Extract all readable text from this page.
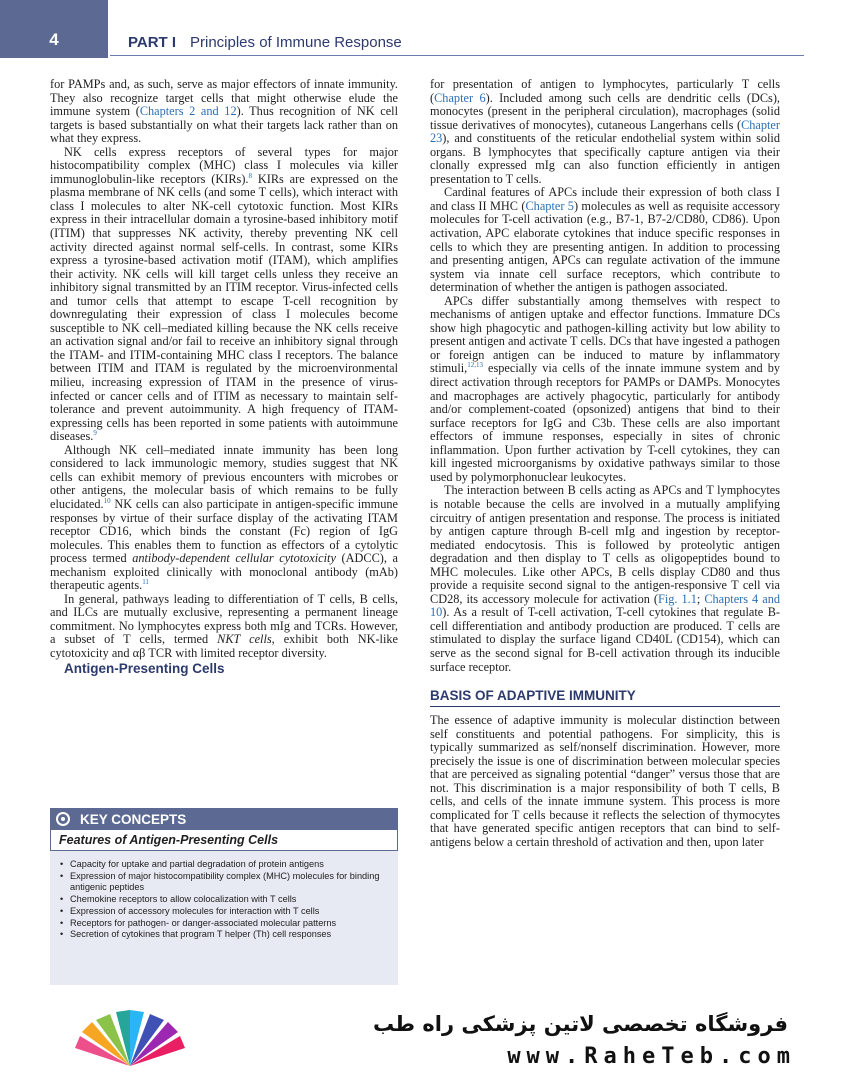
4	PART I Principles of Immune Response

for PAMPs and, as such, serve as major effectors of innate immunity. They also recognize target cells that might otherwise elude the immune system (Chapters 2 and 12). Thus recognition of NK cell targets is based substantially on what their targets lack rather than on what they express.

NK cells express receptors of several types for major histocompatibility complex (MHC) class I molecules via killer immunoglobulin-like receptors (KIRs).$^8$ KIRs are expressed on the plasma membrane of NK cells (and some T cells), which interact with class I molecules to alter NK-cell cytotoxic function. Most KIRs express in their intracellular domain a tyrosine-based inhibitory motif (ITIM) that suppresses NK activity, thereby preventing NK cell activity directed against normal self-cells. In contrast, some KIRs express a tyrosine-based activation motif (ITAM), which amplifies their activity. NK cells will kill target cells unless they receive an inhibitory signal transmitted by an ITIM receptor. Virus-infected cells and tumor cells that attempt to escape T-cell recognition by downregulating their expression of class I molecules become susceptible to NK cell–mediated killing because the NK cells receive an activation signal and/or fail to receive an inhibitory signal through the ITAM- and ITIM-containing MHC class I receptors. The balance between ITIM and ITAM is regulated by the microenvironmental milieu, increasing expression of ITAM in the presence of virus-infected or cancer cells and of ITIM as necessary to maintain self-tolerance and prevent autoimmunity. A high frequency of ITAM-expressing cells has been reported in some patients with autoimmune diseases.$^9$

Although NK cell–mediated innate immunity has been long considered to lack immunologic memory, studies suggest that NK cells can exhibit memory of previous encounters with microbes or other antigens, the molecular basis of which remains to be fully elucidated.$^{10}$ NK cells can also participate in antigen-specific immune responses by virtue of their surface display of the activating ITAM receptor CD16, which binds the constant (Fc) region of IgG molecules. This enables them to function as effectors of a cytolytic process termed antibody-dependent cellular cytotoxicity (ADCC), a mechanism exploited clinically with monoclonal antibody (mAb) therapeutic agents.$^{11}$

In general, pathways leading to differentiation of T cells, B cells, and ILCs are mutually exclusive, representing a permanent lineage commitment. No lymphocytes express both mIg and TCRs. However, a subset of T cells, termed NKT cells, exhibit both NK-like cytotoxicity and αβ TCR with limited receptor diversity.

Antigen-Presenting Cells

KEY CONCEPTS
Features of Antigen-Presenting Cells
• Capacity for uptake and partial degradation of protein antigens
• Expression of major histocompatibility complex (MHC) molecules for binding antigenic peptides
• Chemokine receptors to allow colocalization with T cells
• Expression of accessory molecules for interaction with T cells
• Receptors for pathogen- or danger-associated molecular patterns
• Secretion of cytokines that program T helper (Th) cell responses

for presentation of antigen to lymphocytes, particularly T cells (Chapter 6). Included among such cells are dendritic cells (DCs), monocytes (present in the peripheral circulation), macrophages (solid tissue derivatives of monocytes), cutaneous Langerhans cells (Chapter 23), and constituents of the reticular endothelial system within solid organs. B lymphocytes that specifically capture antigen via their clonally expressed mIg can also function efficiently in antigen presentation to T cells.

Cardinal features of APCs include their expression of both class I and class II MHC (Chapter 5) molecules as well as requisite accessory molecules for T-cell activation (e.g., B7-1, B7-2/CD80, CD86). Upon activation, APC elaborate cytokines that induce specific responses in cells to which they are presenting antigen. In addition to processing and presenting antigen, APCs can regulate activation of the immune system via innate cell surface receptors, which contribute to determination of whether the antigen is pathogen associated.

APCs differ substantially among themselves with respect to mechanisms of antigen uptake and effector functions. Immature DCs show high phagocytic and pathogen-killing activity but low ability to present antigen and activate T cells. DCs that have ingested a pathogen or foreign antigen can be induced to mature by inflammatory stimuli,$^{12,13}$ especially via cells of the innate immune system and by direct activation through receptors for PAMPs or DAMPs. Monocytes and macrophages are actively phagocytic, particularly for antibody and/or complement-coated (opsonized) antigens that bind to their surface receptors for IgG and C3b. These cells are also important effectors of immune responses, especially in sites of chronic inflammation. Upon further activation by T-cell cytokines, they can kill ingested microorganisms by oxidative pathways similar to those used by polymorphonuclear leukocytes.

The interaction between B cells acting as APCs and T lymphocytes is notable because the cells are involved in a mutually amplifying circuitry of antigen presentation and response. The process is initiated by antigen capture through B-cell mIg and ingestion by receptor-mediated endocytosis. This is followed by proteolytic antigen degradation and then display to T cells as oligopeptides bound to MHC molecules. Like other APCs, B cells display CD80 and thus provide a requisite second signal to the antigen-responsive T cell via CD28, its accessory molecule for activation (Fig. 1.1; Chapters 4 and 10). As a result of T-cell activation, T-cell cytokines that regulate B-cell differentiation and antibody production are produced. T cells are stimulated to display the surface ligand CD40L (CD154), which can serve as the second signal for B-cell activation through its inducible surface receptor.

BASIS OF ADAPTIVE IMMUNITY

The essence of adaptive immunity is molecular distinction between self constituents and potential pathogens. For simplicity, this is typically summarized as self/nonself discrimination. However, more precisely the issue is one of discrimination between molecular species that are perceived as signaling potential “danger” versus those that are not. This discrimination is a major responsibility of both T cells, B cells, and cells of the innate immune system. This process is more complicated for T cells because it reflects the selection of thymocytes that have generated specific antigen receptors that can bind to self-antigens below a certain threshold of activation and then, upon later

فروشگاه تخصصی لاتین پزشکی راه طب
www.RaheTeb.com
